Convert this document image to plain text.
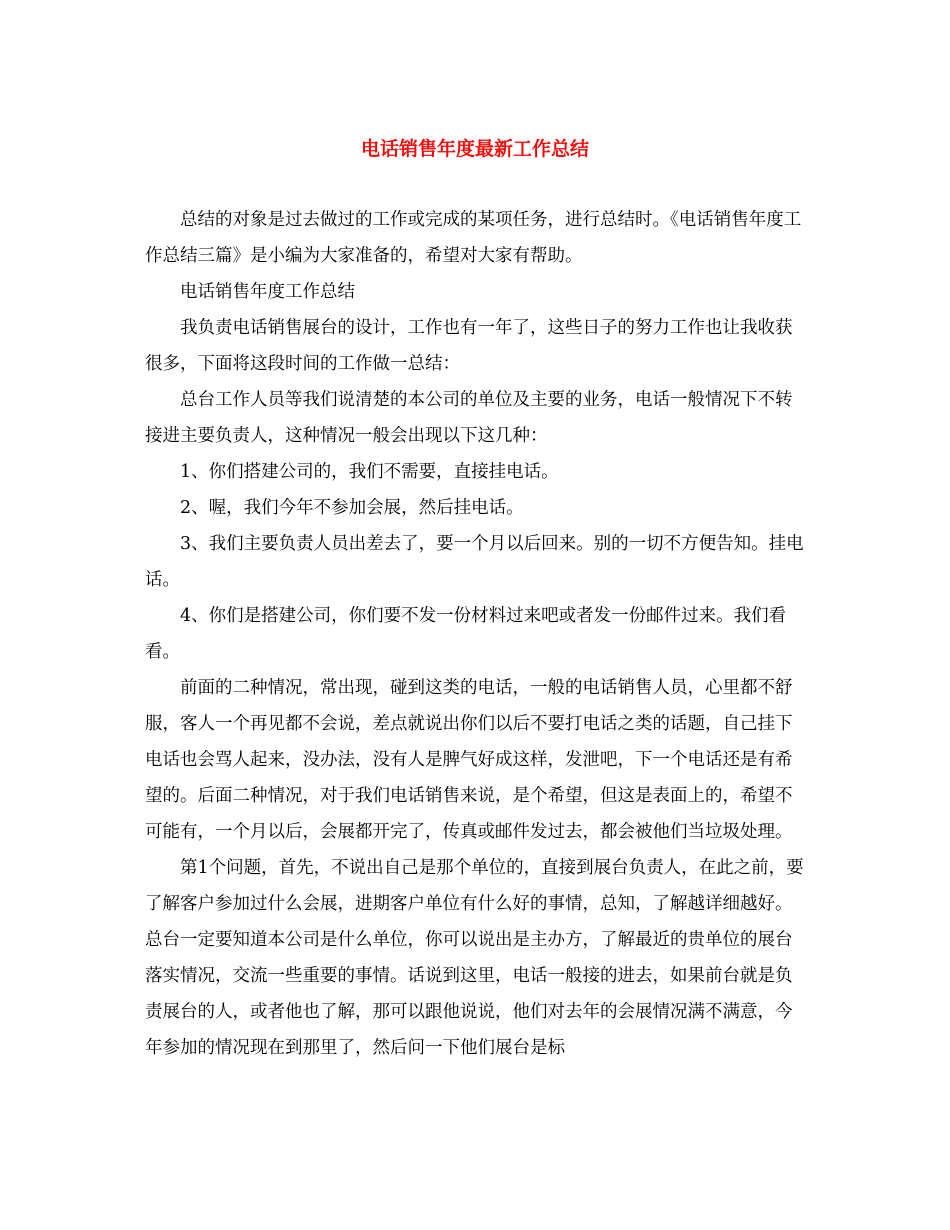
电话销售年度最新工作总结

总结的对象是过去做过的工作或完成的某项任务，进行总结时。《电话销售年度工作总结三篇》是小编为大家准备的，希望对大家有帮助。

电话销售年度工作总结

我负责电话销售展台的设计，工作也有一年了，这些日子的努力工作也让我收获很多，下面将这段时间的工作做一总结：

总台工作人员等我们说清楚的本公司的单位及主要的业务，电话一般情况下不转接进主要负责人，这种情况一般会出现以下这几种：

1、你们搭建公司的，我们不需要，直接挂电话。

2、喔，我们今年不参加会展，然后挂电话。

3、我们主要负责人员出差去了，要一个月以后回来。别的一切不方便告知。挂电话。

4、你们是搭建公司，你们要不发一份材料过来吧或者发一份邮件过来。我们看看。

前面的二种情况，常出现，碰到这类的电话，一般的电话销售人员，心里都不舒服，客人一个再见都不会说，差点就说出你们以后不要打电话之类的话题，自己挂下电话也会骂人起来，没办法，没有人是脾气好成这样，发泄吧，下一个电话还是有希望的。后面二种情况，对于我们电话销售来说，是个希望，但这是表面上的，希望不可能有，一个月以后，会展都开完了，传真或邮件发过去，都会被他们当垃圾处理。

第1个问题，首先，不说出自己是那个单位的，直接到展台负责人，在此之前，要了解客户参加过什么会展，进期客户单位有什么好的事情，总知，了解越详细越好。总台一定要知道本公司是什么单位，你可以说出是主办方，了解最近的贵单位的展台落实情况，交流一些重要的事情。话说到这里，电话一般接的进去，如果前台就是负责展台的人，或者他也了解，那可以跟他说说，他们对去年的会展情况满不满意，今年参加的情况现在到那里了，然后问一下他们展台是标
